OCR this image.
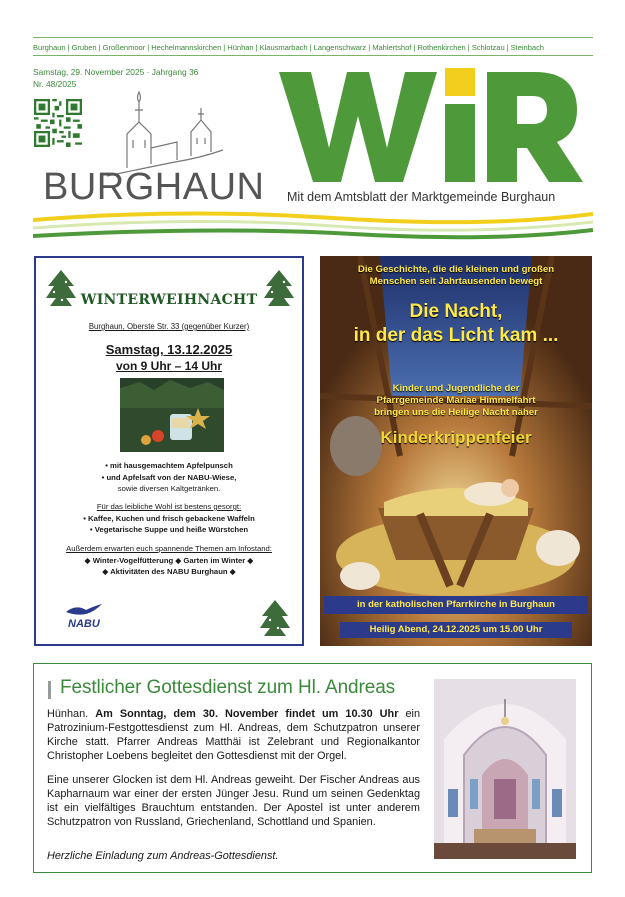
Burghaun | Gruben | Großenmoor | Hechelmannskirchen | Hünhan | Klausmarbach | Langenschwarz | Mahlertshof | Rothenkirchen | Schlotzau | Steinbach
Samstag, 29. November 2025 · Jahrgang 36
Nr. 48/2025
BURGHAUN Mit dem Amtsblatt der Marktgemeinde Burghaun
WINTERWEIHNACHT
Burghaun, Oberste Str. 33 (gegenüber Kurzer)
Samstag, 13.12.2025
von 9 Uhr – 14 Uhr
• mit hausgemachtem Apfelpunsch
• und Apfelsaft von der NABU-Wiese,
sowie diversen Kaltgetränken.
Für das leibliche Wohl ist bestens gesorgt:
• Kaffee, Kuchen und frisch gebackene Waffeln
• Vegetarische Suppe und heiße Würstchen
Außerdem erwarten euch spannende Themen am Infostand:
◆ Winter-Vogelfütterung ◆ Garten im Winter ◆
◆ Aktivitäten des NABU Burghaun ◆
NABU
Die Geschichte, die die kleinen und großen
Menschen seit Jahrtausenden bewegt
Die Nacht,
in der das Licht kam ...
Kinder und Jugendliche der
Pfarrgemeinde Mariae Himmelfahrt
bringen uns die Heilige Nacht näher
Kinderkrippenfeier
in der katholischen Pfarrkirche in Burghaun
Heilig Abend, 24.12.2025 um 15.00 Uhr
Festlicher Gottesdienst zum Hl. Andreas

Hünhan. Am Sonntag, dem 30. November findet um 10.30 Uhr ein Patrozinium-Festgottesdienst zum Hl. Andreas, dem Schutzpatron unserer Kirche statt. Pfarrer Andreas Matthäi ist Zelebrant und Regionalkantor Christopher Loebens begleitet den Gottesdienst mit der Orgel.

Eine unserer Glocken ist dem Hl. Andreas geweiht. Der Fischer Andreas aus Kapharnaum war einer der ersten Jünger Jesu. Rund um seinen Gedenktag ist ein vielfältiges Brauchtum entstanden. Der Apostel ist unter anderem Schutzpatron von Russland, Griechenland, Schottland und Spanien.

Herzliche Einladung zum Andreas-Gottesdienst.
